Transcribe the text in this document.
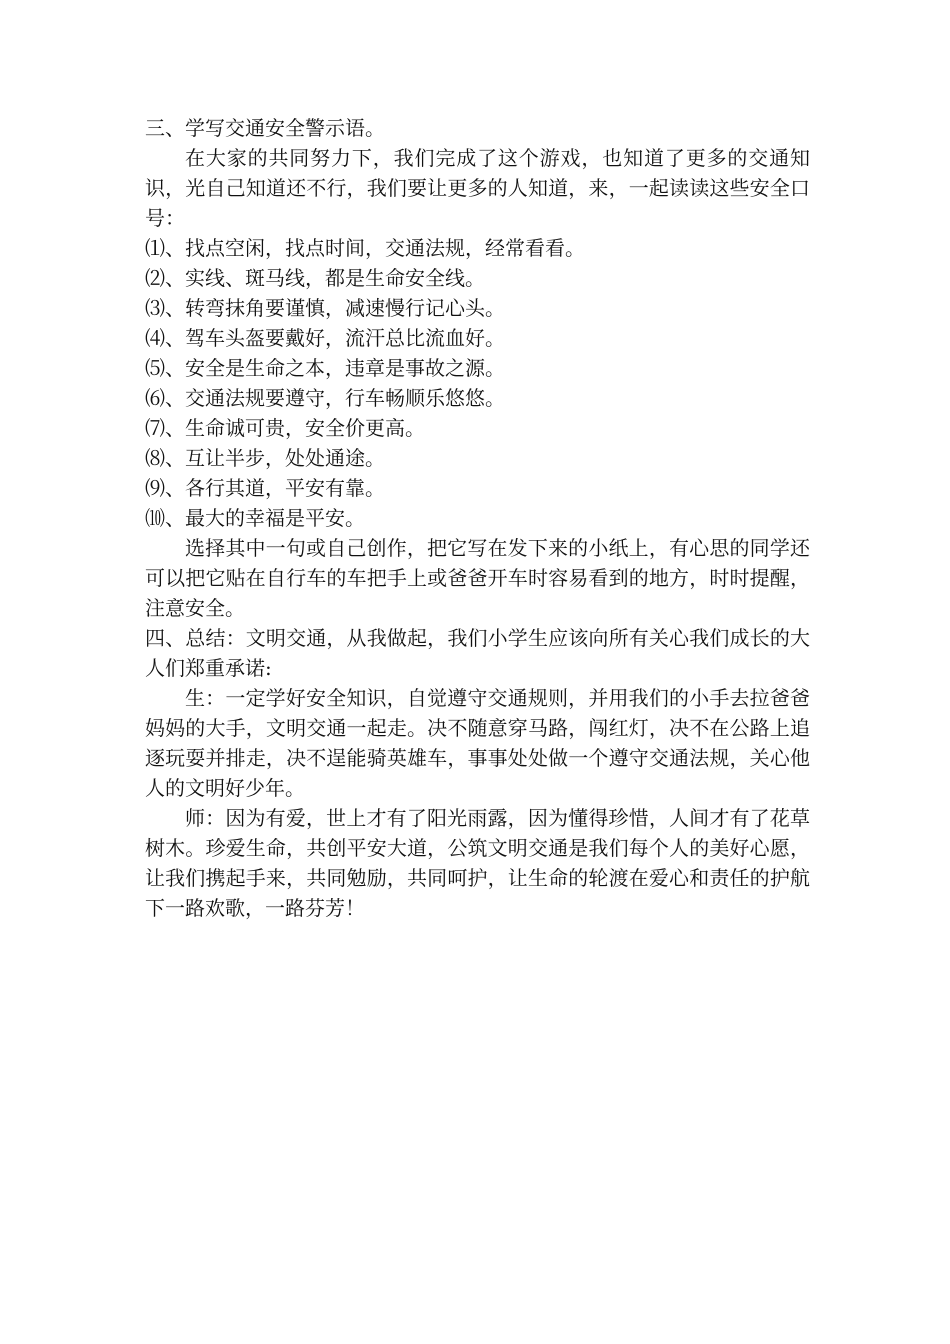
三、学写交通安全警示语。

在大家的共同努力下，我们完成了这个游戏，也知道了更多的交通知识，光自己知道还不行，我们要让更多的人知道，来，一起读读这些安全口号：

⑴、找点空闲，找点时间，交通法规，经常看看。
⑵、实线、斑马线，都是生命安全线。
⑶、转弯抹角要谨慎，减速慢行记心头。
⑷、驾车头盔要戴好，流汗总比流血好。
⑸、安全是生命之本，违章是事故之源。
⑹、交通法规要遵守，行车畅顺乐悠悠。
⑺、生命诚可贵，安全价更高。
⑻、互让半步，处处通途。
⑼、各行其道，平安有靠。
⑽、最大的幸福是平安。

选择其中一句或自己创作，把它写在发下来的小纸上，有心思的同学还可以把它贴在自行车的车把手上或爸爸开车时容易看到的地方，时时提醒，注意安全。

四、总结：文明交通，从我做起，我们小学生应该向所有关心我们成长的大人们郑重承诺:

生：一定学好安全知识，自觉遵守交通规则，并用我们的小手去拉爸爸妈妈的大手，文明交通一起走。决不随意穿马路，闯红灯，决不在公路上追逐玩耍并排走，决不逞能骑英雄车，事事处处做一个遵守交通法规，关心他人的文明好少年。

师：因为有爱，世上才有了阳光雨露，因为懂得珍惜，人间才有了花草树木。珍爱生命，共创平安大道，公筑文明交通是我们每个人的美好心愿，让我们携起手来，共同勉励，共同呵护，让生命的轮渡在爱心和责任的护航下一路欢歌，一路芬芳！
